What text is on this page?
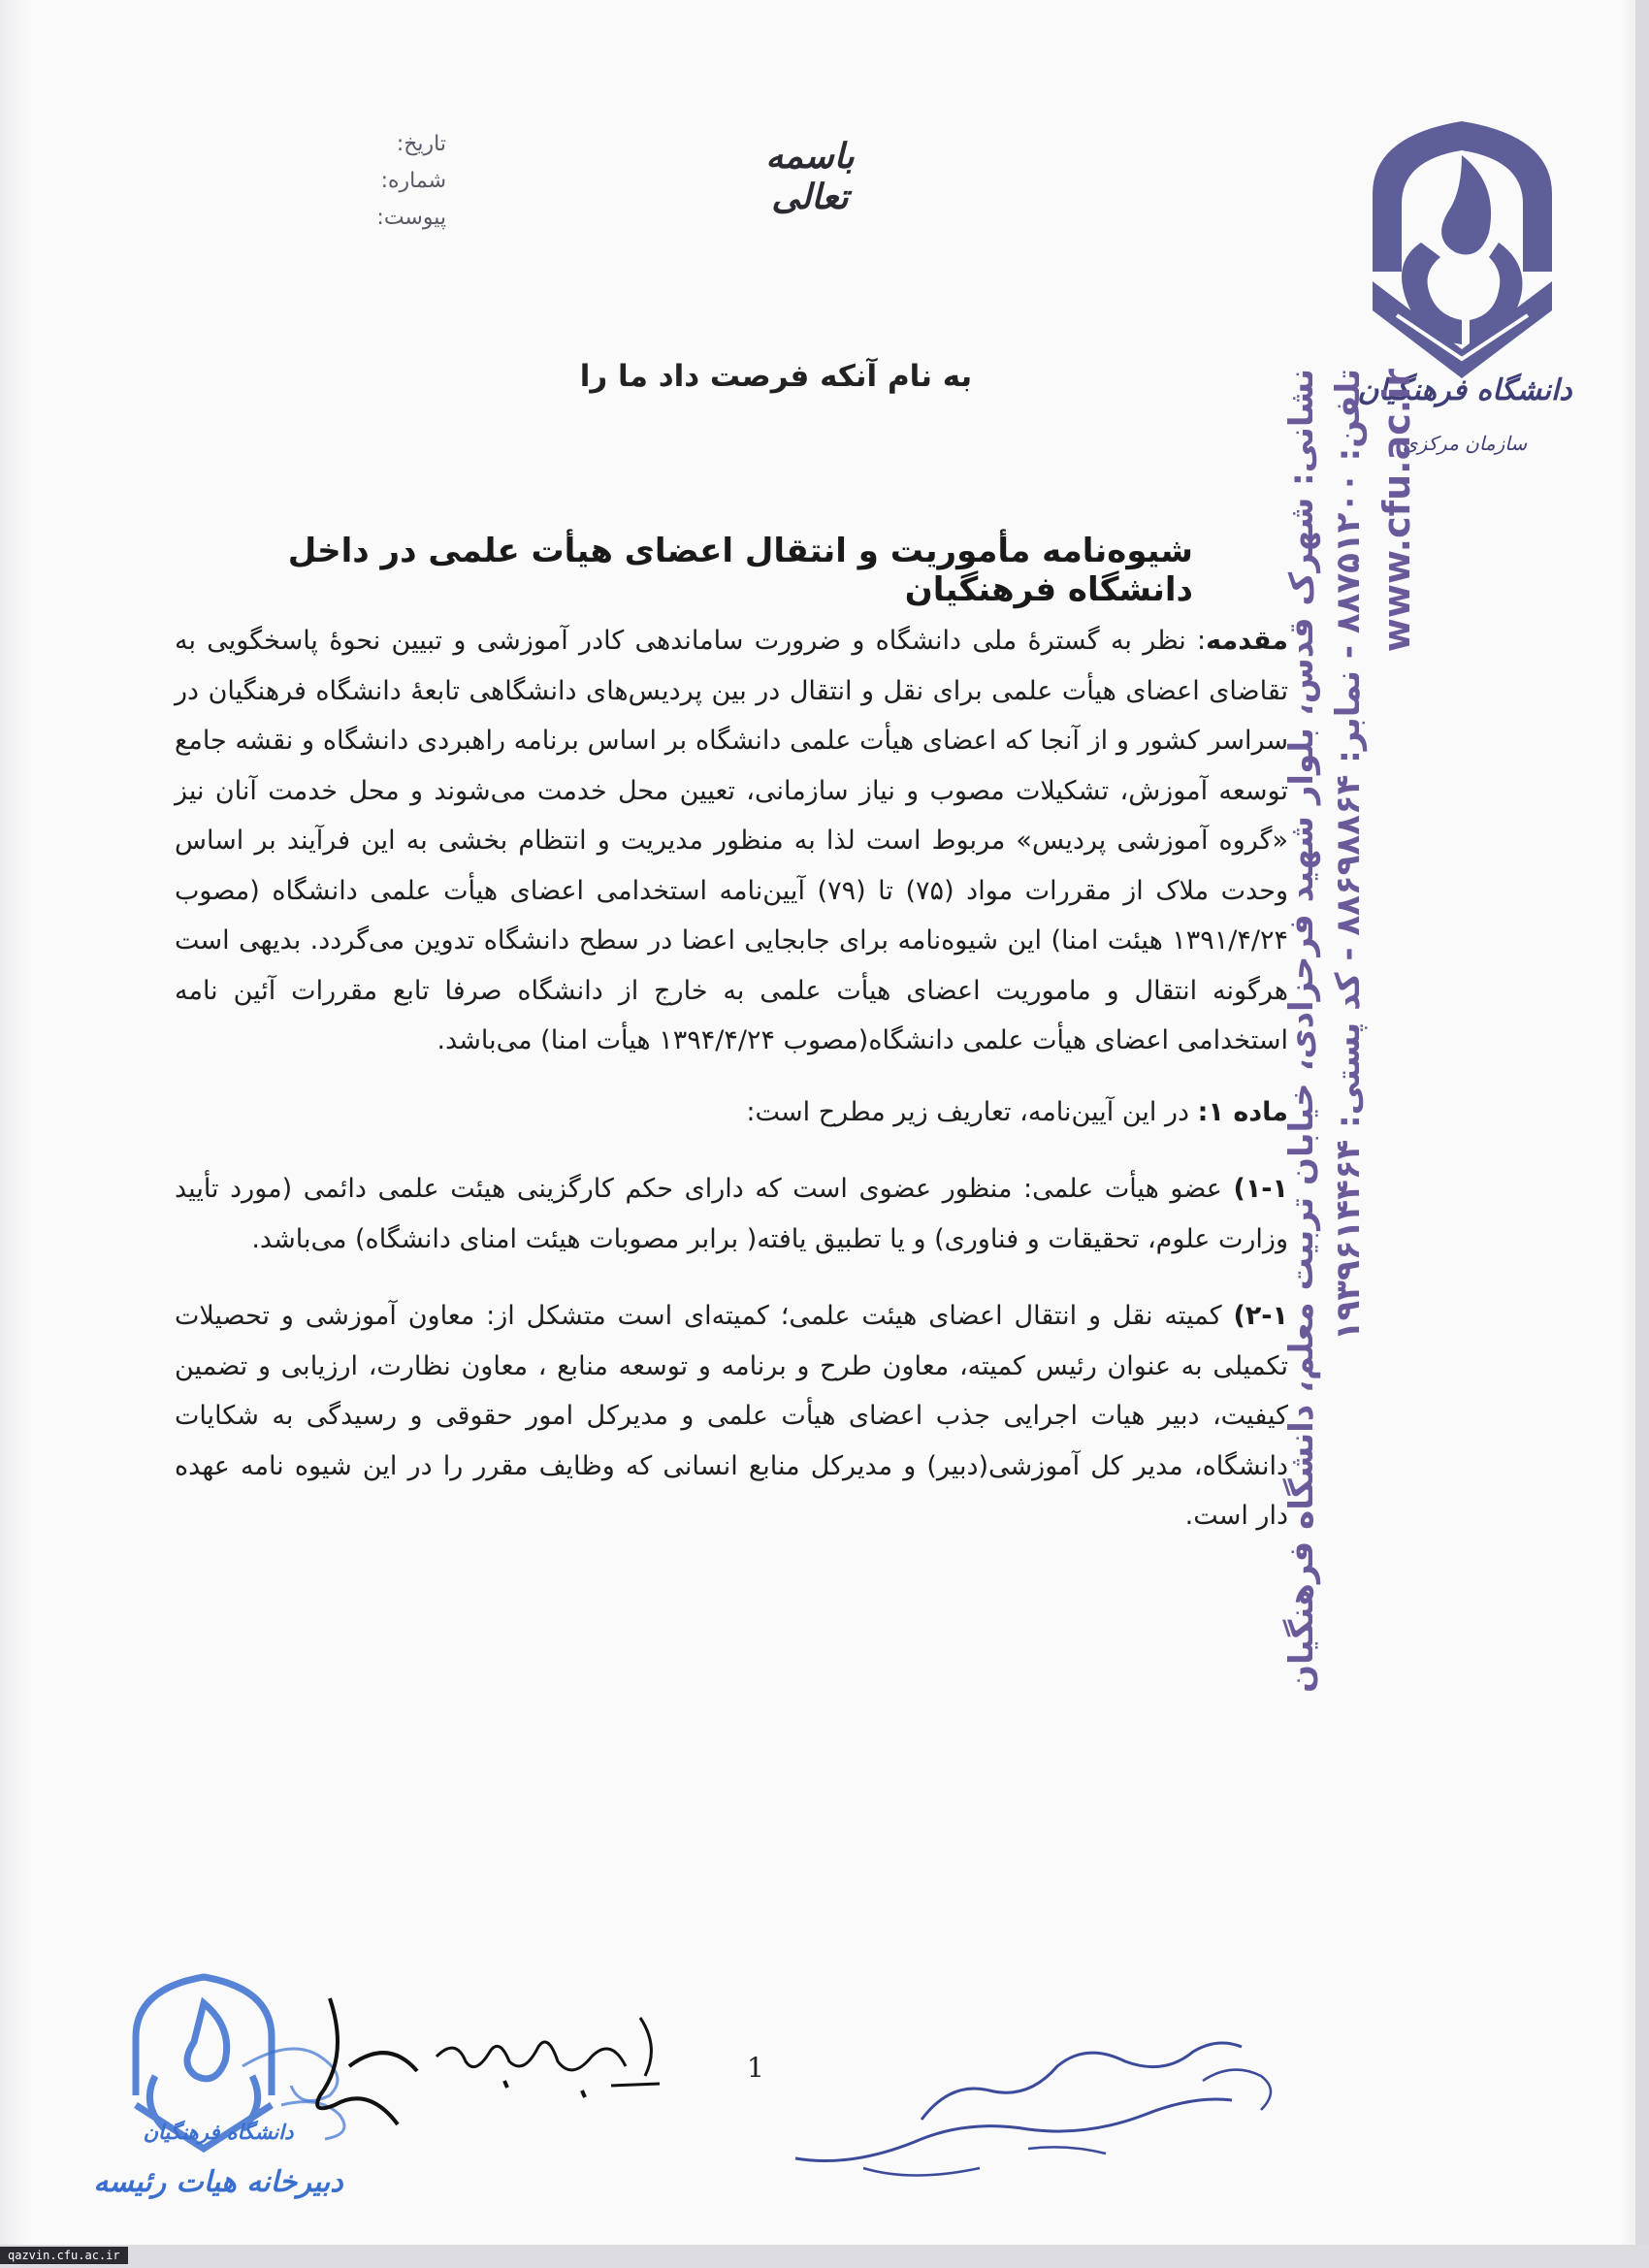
دانشگاه فرهنگیان
سازمان مرکزی
نشانی: شهرک قدس، بلوار شهید فرحزادی، خیابان تربیت معلم، دانشگاه فرهنگیان تلفن: ۸۸۷۵۱۲۰۰ - نمابر: ۸۸۶۹۸۸۶۴ - کد پستی: ۱۹۳۹۶۱۴۴۶۴ www.cfu.ac.ir
باسمه تعالی
تاریخ:
شماره:
پیوست:
به نام آنکه فرصت داد ما را
شیوه‌نامه مأموریت و انتقال اعضای هیأت علمی در داخل دانشگاه فرهنگیان

مقدمه: نظر به گسترهٔ ملی دانشگاه و ضرورت ساماندهی کادر آموزشی و تبیین نحوهٔ پاسخگویی به تقاضای اعضای هیأت علمی برای نقل و انتقال در بین پردیس‌های دانشگاهی تابعهٔ دانشگاه فرهنگیان در سراسر کشور و از آنجا که اعضای هیأت علمی دانشگاه بر اساس برنامه راهبردی دانشگاه و نقشه جامع توسعه آموزش، تشکیلات مصوب و نیاز سازمانی، تعیین محل خدمت می‌شوند و محل خدمت آنان نیز «گروه آموزشی پردیس» مربوط است لذا به منظور مدیریت و انتظام بخشی به این فرآیند بر اساس وحدت ملاک از مقررات مواد (۷۵) تا (۷۹) آیین‌نامه استخدامی اعضای هیأت علمی دانشگاه (مصوب ۱۳۹۱/۴/۲۴ هیئت امنا) این شیوه‌نامه برای جابجایی اعضا در سطح دانشگاه تدوین می‌گردد. بدیهی است هرگونه انتقال و ماموریت اعضای هیأت علمی به خارج از دانشگاه صرفا تابع مقررات آئین نامه استخدامی اعضای هیأت علمی دانشگاه(مصوب ۱۳۹۴/۴/۲۴ هیأت امنا) می‌باشد.

ماده ۱: در این آیین‌نامه، تعاریف زیر مطرح است:

۱-۱) عضو هیأت علمی: منظور عضوی است که دارای حکم کارگزینی هیئت علمی دائمی (مورد تأیید وزارت علوم، تحقیقات و فناوری) و یا تطبیق یافته( برابر مصوبات هیئت امنای دانشگاه) می‌باشد.

۲-۱) کمیته نقل و انتقال اعضای هیئت علمی؛ کمیته‌ای است متشکل از: معاون آموزشی و تحصیلات تکمیلی به عنوان رئیس کمیته، معاون طرح و برنامه و توسعه منابع ، معاون نظارت، ارزیابی و تضمین کیفیت، دبیر هیات اجرایی جذب اعضای هیأت علمی و مدیرکل امور حقوقی و رسیدگی به شکایات دانشگاه، مدیر کل آموزشی(دبیر) و مدیرکل منابع انسانی که وظایف مقرر را در این شیوه نامه عهده دار است.

1
دانشگاه فرهنگیان
دبیرخانه هیات رئیسه
qazvin.cfu.ac.ir
